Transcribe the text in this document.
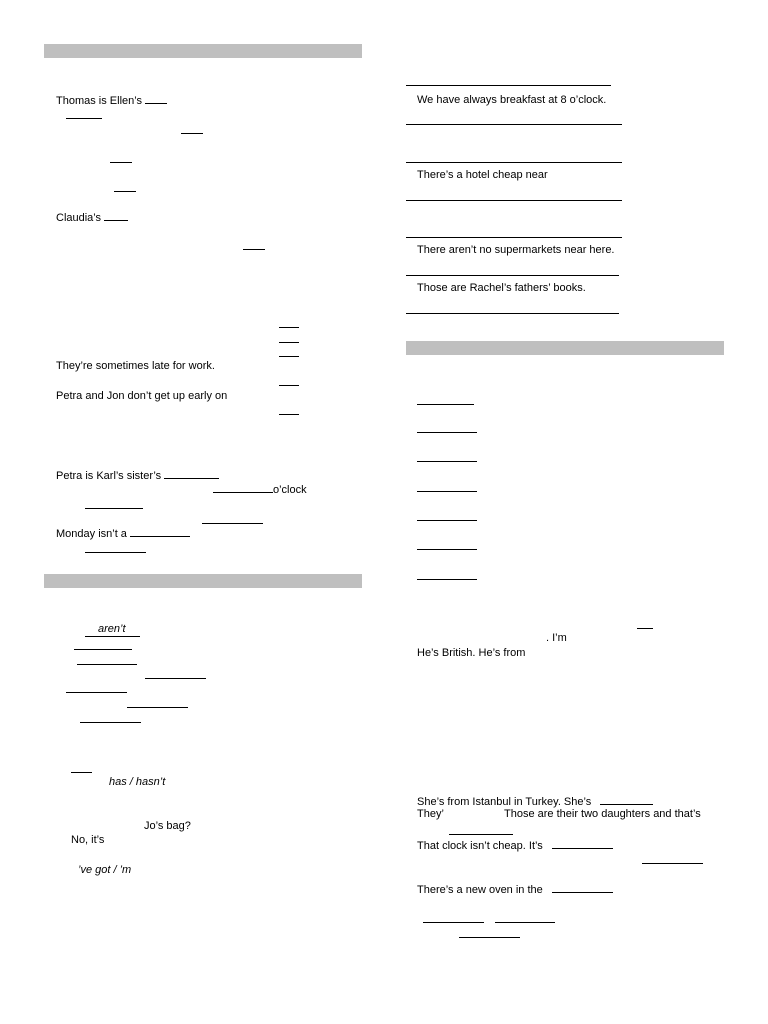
Thomas is Ellen’s
Claudia’s
They’re sometimes late for work.
Petra and Jon don’t get up early on
Petra is Karl’s sister’s
o’clock
Monday isn’t a
aren’t
has / hasn’t
Jo’s bag?
No, it’s
’ve got / ’m
We have always breakfast at 8 o’clock.
There’s a hotel cheap near
There aren’t no supermarkets near here.
Those are Rachel’s fathers’ books.
. I’m
He’s British. He’s from
She’s from Istanbul in Turkey. She’s
They’	Those are their two daughters and that’s
That clock isn’t cheap. It’s
There’s a new oven in the
